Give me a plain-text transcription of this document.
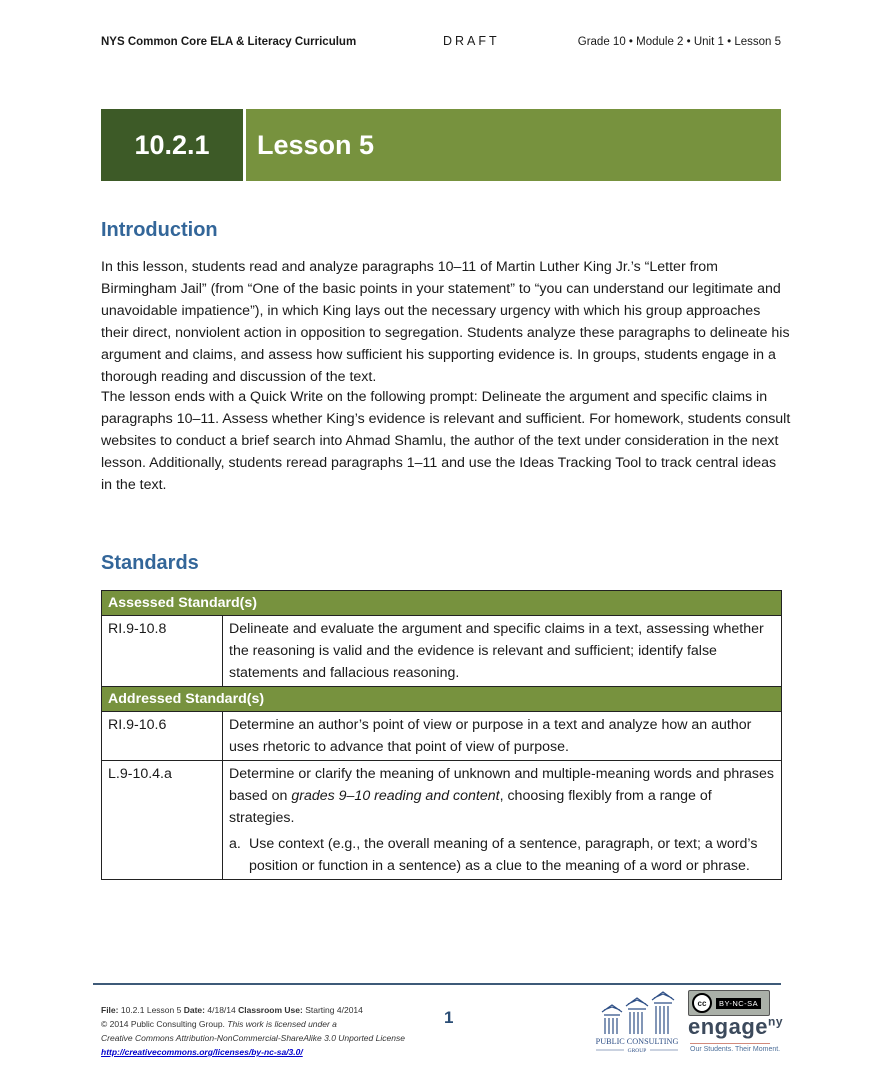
NYS Common Core ELA & Literacy Curriculum	DRAFT	Grade 10 • Module 2 • Unit 1 • Lesson 5
10.2.1	Lesson 5
Introduction
In this lesson, students read and analyze paragraphs 10–11 of Martin Luther King Jr.’s “Letter from Birmingham Jail” (from “One of the basic points in your statement” to “you can understand our legitimate and unavoidable impatience”), in which King lays out the necessary urgency with which his group approaches their direct, nonviolent action in opposition to segregation. Students analyze these paragraphs to delineate his argument and claims, and assess how sufficient his supporting evidence is. In groups, students engage in a thorough reading and discussion of the text.
The lesson ends with a Quick Write on the following prompt: Delineate the argument and specific claims in paragraphs 10–11. Assess whether King’s evidence is relevant and sufficient. For homework, students consult websites to conduct a brief search into Ahmad Shamlu, the author of the text under consideration in the next lesson. Additionally, students reread paragraphs 1–11 and use the Ideas Tracking Tool to track central ideas in the text.
Standards
Assessed Standard(s)	
RI.9-10.8	Delineate and evaluate the argument and specific claims in a text, assessing whether the reasoning is valid and the evidence is relevant and sufficient; identify false statements and fallacious reasoning.
Addressed Standard(s)	
RI.9-10.6	Determine an author’s point of view or purpose in a text and analyze how an author uses rhetoric to advance that point of view of purpose.
L.9-10.4.a	Determine or clarify the meaning of unknown and multiple-meaning words and phrases based on grades 9–10 reading and content, choosing flexibly from a range of strategies.
a. Use context (e.g., the overall meaning of a sentence, paragraph, or text; a word’s position or function in a sentence) as a clue to the meaning of a word or phrase.
File: 10.2.1 Lesson 5 Date: 4/18/14 Classroom Use: Starting 4/2014
© 2014 Public Consulting Group. This work is licensed under a
Creative Commons Attribution-NonCommercial-ShareAlike 3.0 Unported License
http://creativecommons.org/licenses/by-nc-sa/3.0/
1
PUBLIC CONSULTING
GROUP
cc	BY-NC-SA
engage$^{ny}$
Our Students. Their Moment.
